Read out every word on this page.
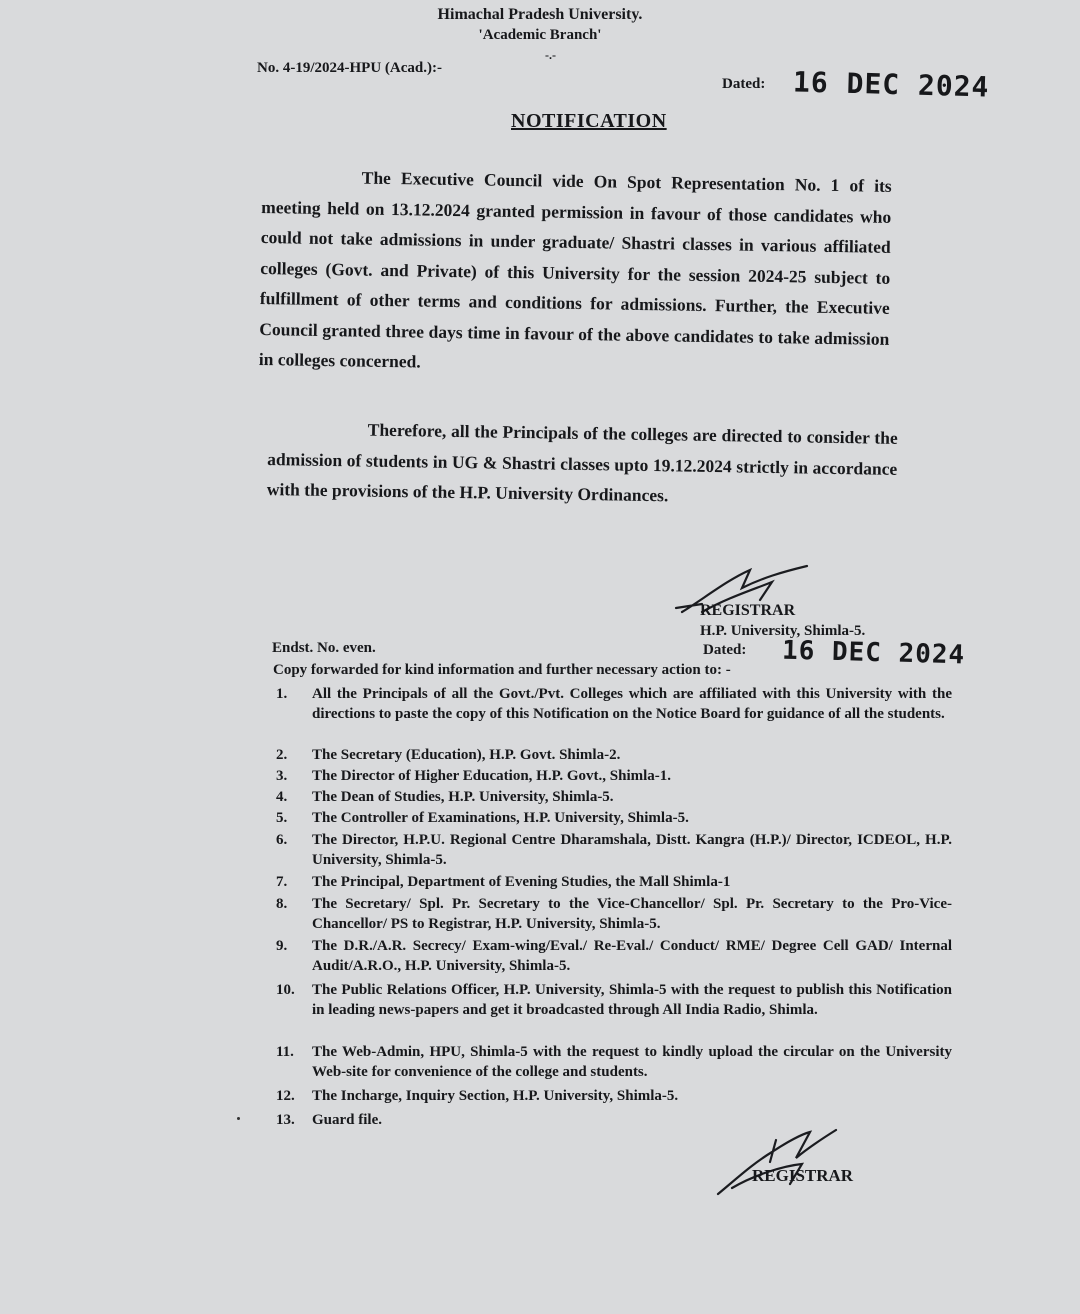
Himachal Pradesh University.
'Academic Branch'
-.-
No. 4-19/2024-HPU (Acad.):-
Dated: 16 DEC 2024
NOTIFICATION

The Executive Council vide On Spot Representation No. 1 of its meeting held on 13.12.2024 granted permission in favour of those candidates who could not take admissions in under graduate/ Shastri classes in various affiliated colleges (Govt. and Private) of this University for the session 2024-25 subject to fulfillment of other terms and conditions for admissions. Further, the Executive Council granted three days time in favour of the above candidates to take admission in colleges concerned.

Therefore, all the Principals of the colleges are directed to consider the admission of students in UG & Shastri classes upto 19.12.2024 strictly in accordance with the provisions of the H.P. University Ordinances.

REGISTRAR
H.P. University, Shimla-5.
Dated: 16 DEC 2024
Endst. No. even.
Copy forwarded for kind information and further necessary action to: -
1.	All the Principals of all the Govt./Pvt. Colleges which are affiliated with this University with the directions to paste the copy of this Notification on the Notice Board for guidance of all the students.
2.	The Secretary (Education), H.P. Govt. Shimla-2.
3.	The Director of Higher Education, H.P. Govt., Shimla-1.
4.	The Dean of Studies, H.P. University, Shimla-5.
5.	The Controller of Examinations, H.P. University, Shimla-5.
6.	The Director, H.P.U. Regional Centre Dharamshala, Distt. Kangra (H.P.)/ Director, ICDEOL, H.P. University, Shimla-5.
7.	The Principal, Department of Evening Studies, the Mall Shimla-1
8.	The Secretary/ Spl. Pr. Secretary to the Vice-Chancellor/ Spl. Pr. Secretary to the Pro-Vice-Chancellor/ PS to Registrar, H.P. University, Shimla-5.
9.	The D.R./A.R. Secrecy/ Exam-wing/Eval./ Re-Eval./ Conduct/ RME/ Degree Cell GAD/ Internal Audit/A.R.O., H.P. University, Shimla-5.
10.	The Public Relations Officer, H.P. University, Shimla-5 with the request to publish this Notification in leading news-papers and get it broadcasted through All India Radio, Shimla.
11.	The Web-Admin, HPU, Shimla-5 with the request to kindly upload the circular on the University Web-site for convenience of the college and students.
12.	The Incharge, Inquiry Section, H.P. University, Shimla-5.
13.	Guard file.
REGISTRAR
